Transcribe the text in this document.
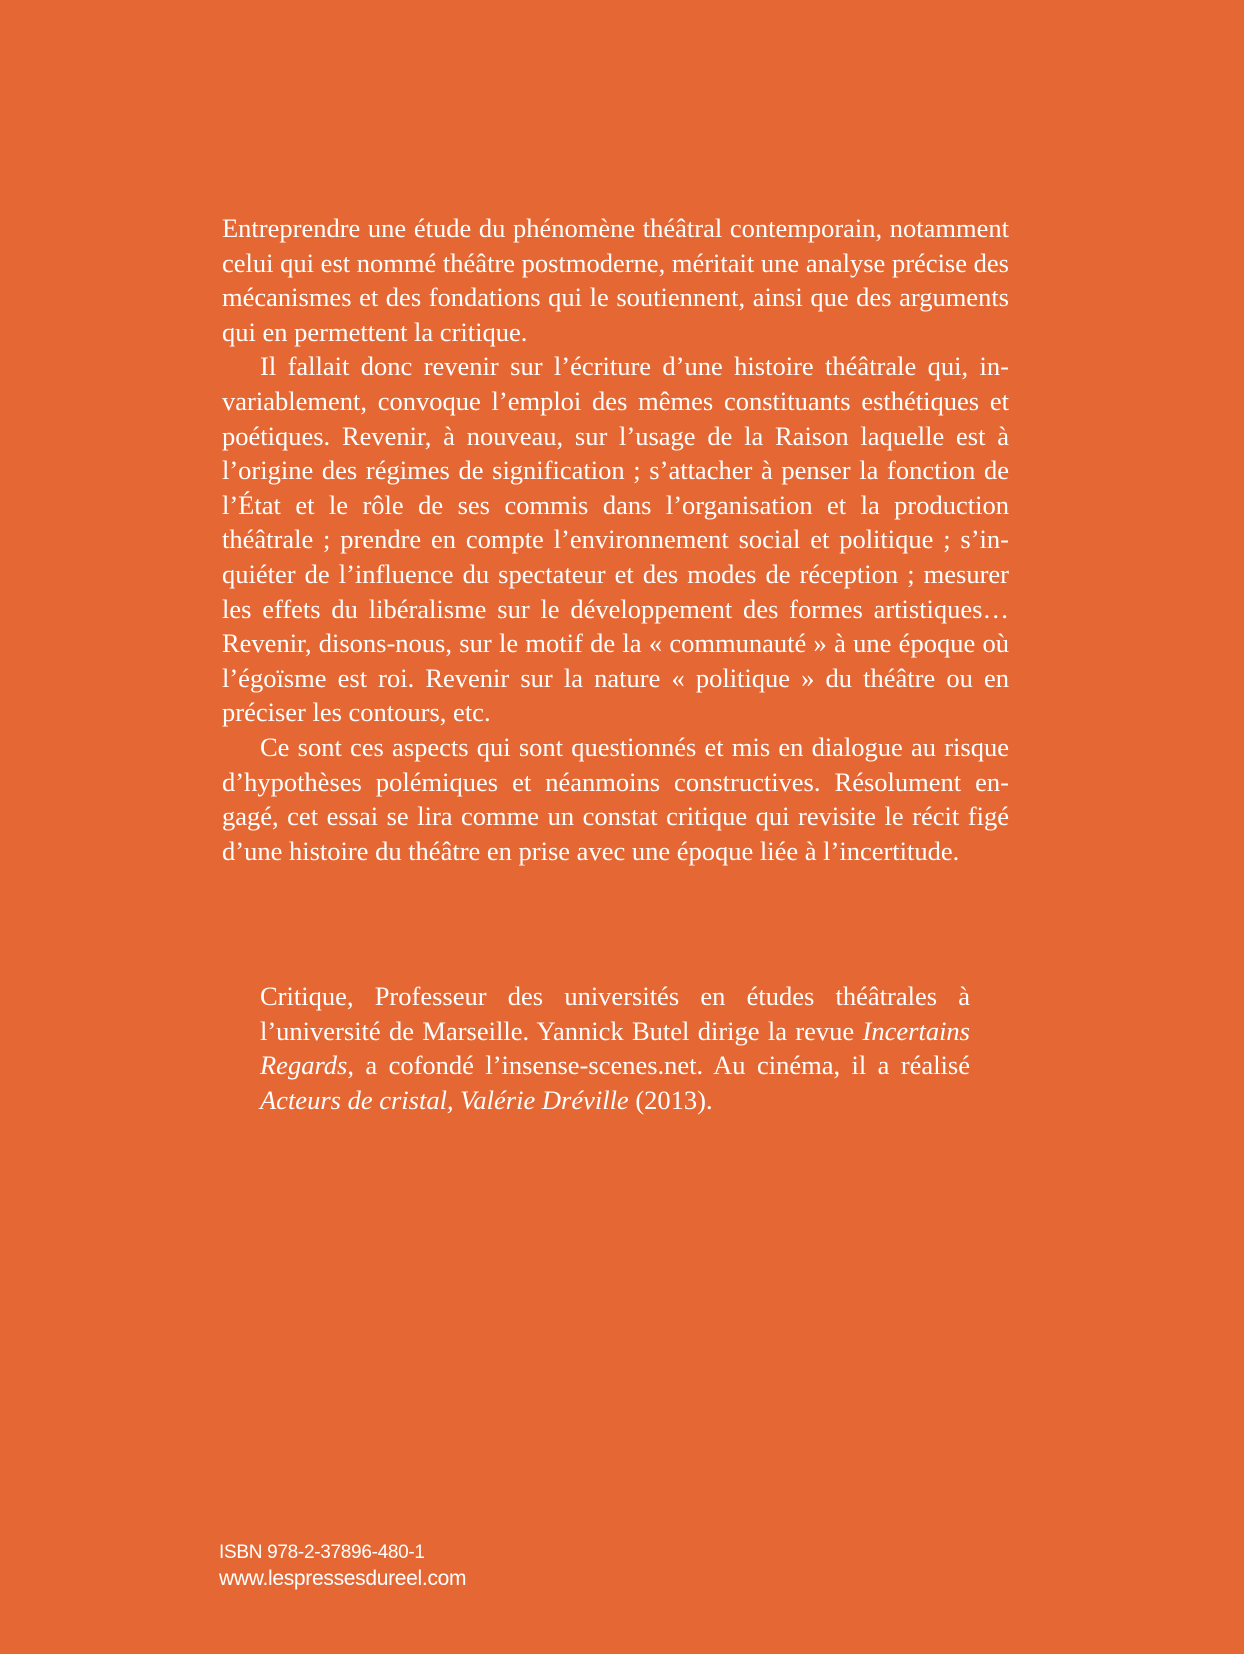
Entreprendre une étude du phénomène théâtral contemporain, notamment celui qui est nommé théâtre postmoderne, méritait une analyse précise des mécanismes et des fondations qui le soutiennent, ainsi que des arguments qui en permettent la critique.

Il fallait donc revenir sur l’écriture d’une histoire théâtrale qui, invariablement, convoque l’emploi des mêmes constituants esthétiques et poétiques. Revenir, à nouveau, sur l’usage de la Raison laquelle est à l’origine des régimes de signification ; s’attacher à penser la fonction de l’État et le rôle de ses commis dans l’organisation et la production théâtrale ; prendre en compte l’environnement social et politique ; s’inquiéter de l’influence du spectateur et des modes de réception ; mesurer les effets du libéralisme sur le développement des formes artistiques… Revenir, disons-nous, sur le motif de la « communauté » à une époque où l’égoïsme est roi. Revenir sur la nature « politique » du théâtre ou en préciser les contours, etc.

Ce sont ces aspects qui sont questionnés et mis en dialogue au risque d’hypothèses polémiques et néanmoins constructives. Résolument engagé, cet essai se lira comme un constat critique qui revisite le récit figé d’une histoire du théâtre en prise avec une époque liée à l’incertitude.

Critique, Professeur des universités en études théâtrales à l’université de Marseille. Yannick Butel dirige la revue Incertains Regards, a cofondé l’insense-scenes.net. Au cinéma, il a réalisé Acteurs de cristal, Valérie Dréville (2013).

ISBN 978-2-37896-480-1
www.lespressesdureel.com
